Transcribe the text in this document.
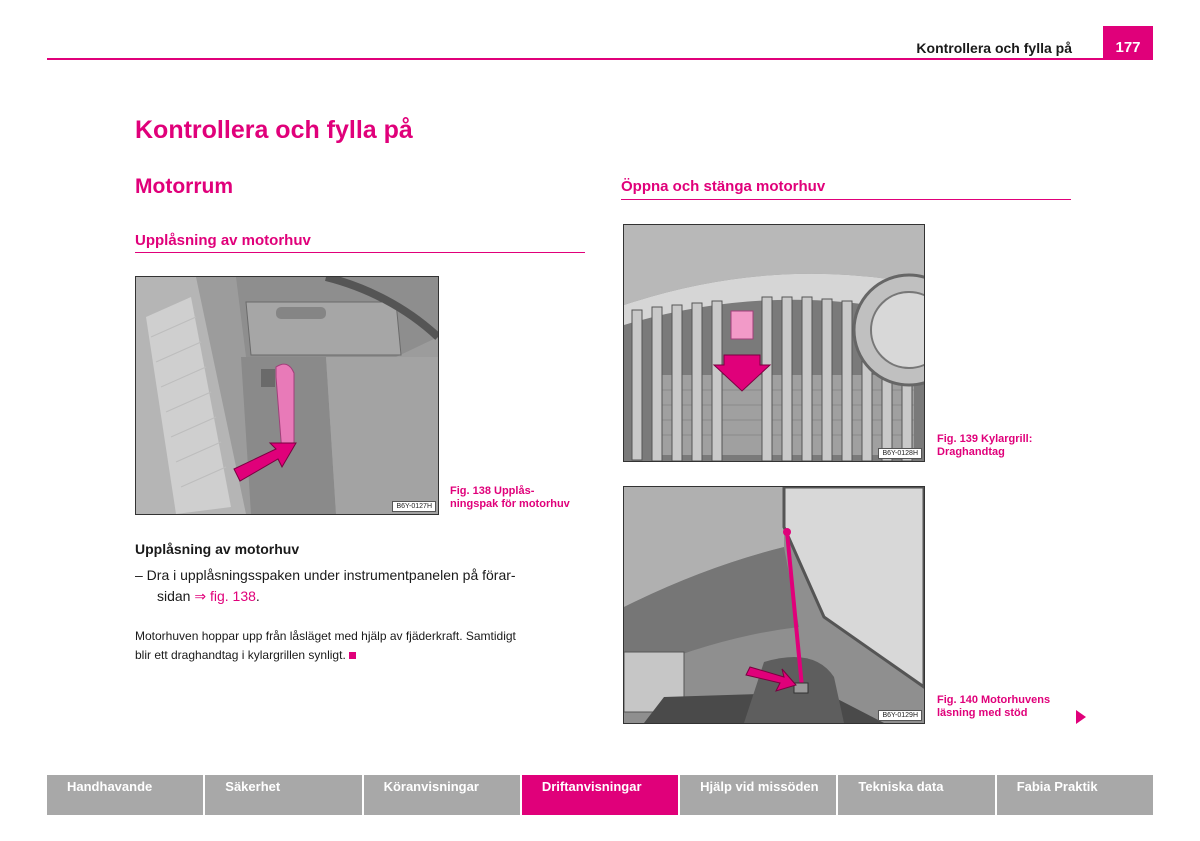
Kontrollera och fylla på	177
Kontrollera och fylla på
Motorrum
Upplåsning av motorhuv
B6Y-0127H
Fig. 138 Upplås-
ningspak för motorhuv
Upplåsning av motorhuv
– Dra i upplåsningsspaken under instrumentpanelen på förar-
sidan ⇒ fig. 138.
Motorhuven hoppar upp från låsläget med hjälp av fjäderkraft. Samtidigt
blir ett draghandtag i kylargrillen synligt.
Öppna och stänga motorhuv
B6Y-0128H
Fig. 139 Kylargrill:
Draghandtag
B6Y-0129H
Fig. 140 Motorhuvens
läsning med stöd
Handhavande	Säkerhet	Köranvisningar	Driftanvisningar	Hjälp vid missöden	Tekniska data	Fabia Praktik
